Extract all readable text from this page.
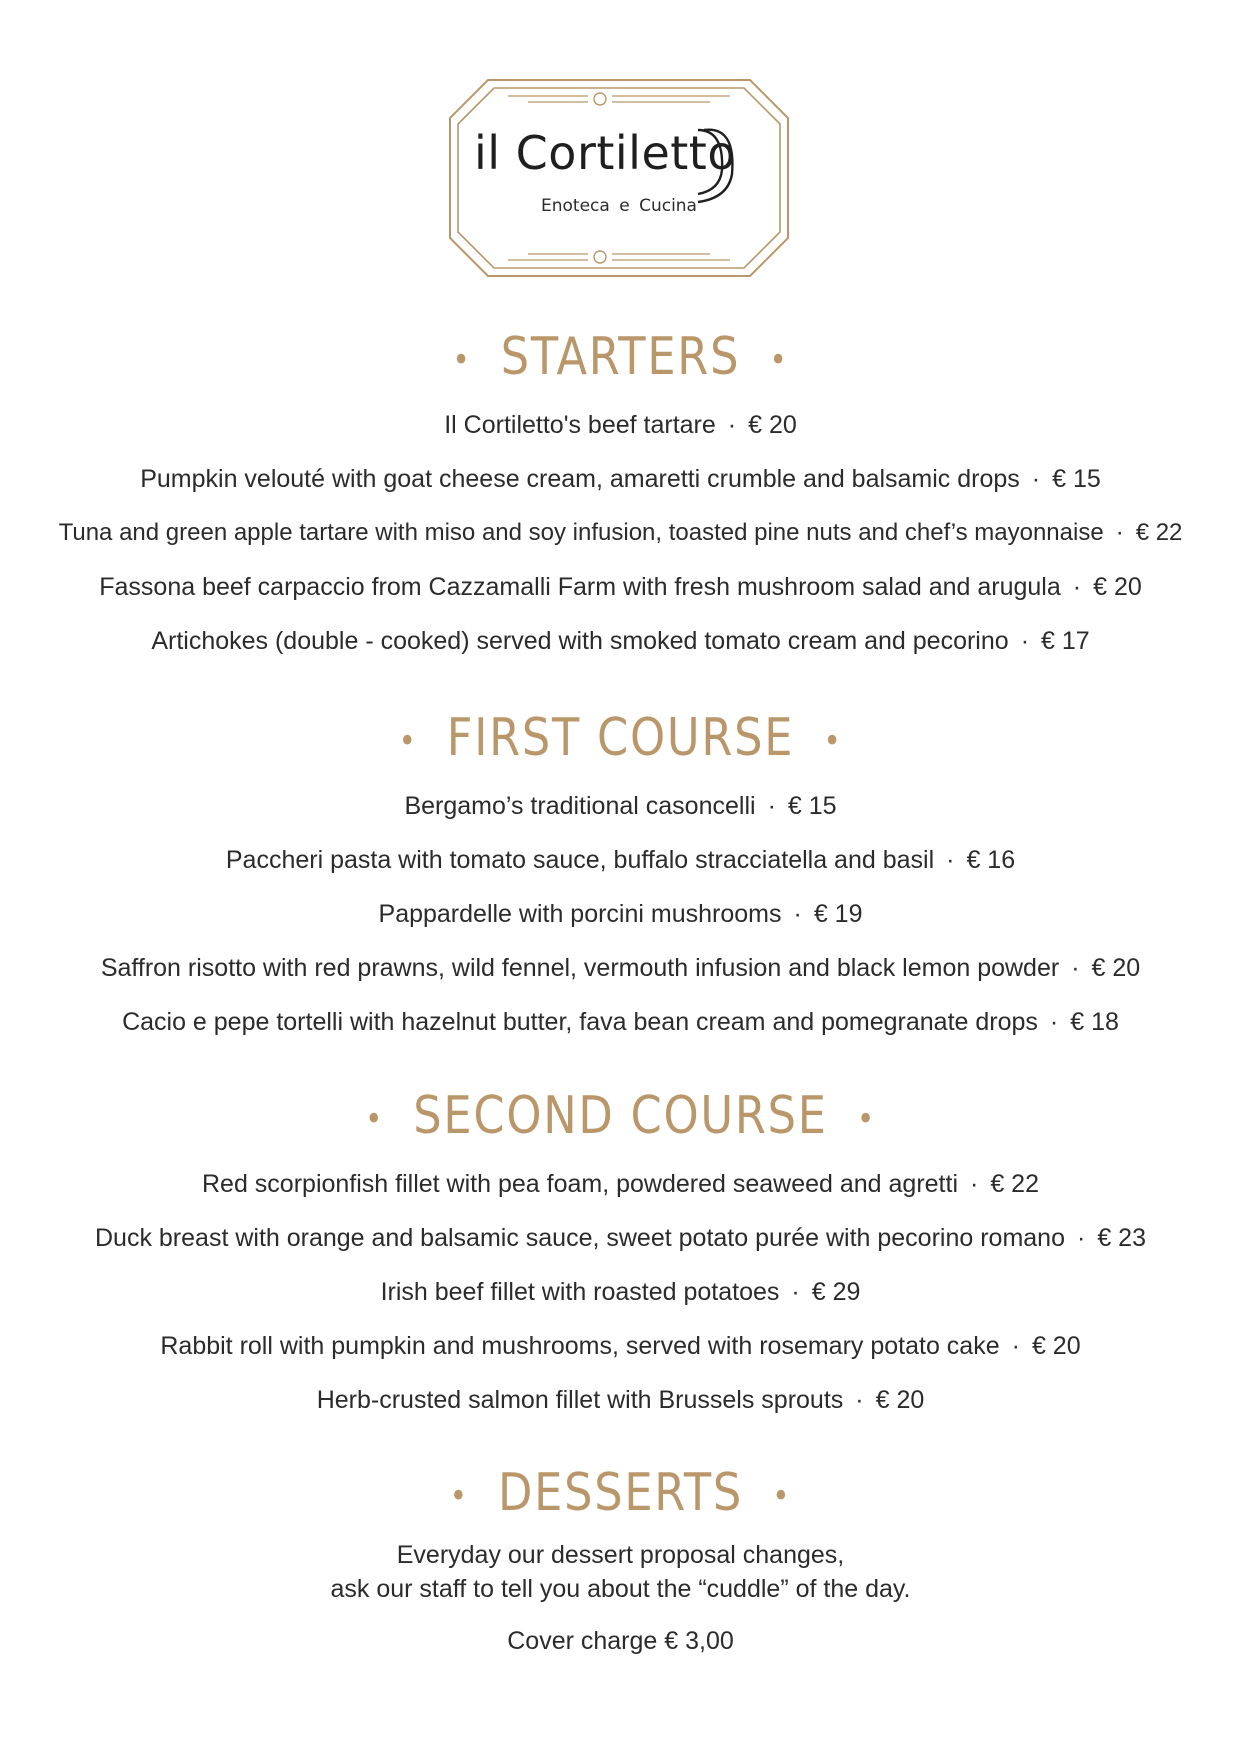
il Cortiletto
Enoteca e Cucina
• STARTERS •
Il Cortiletto's beef tartare · € 20
Pumpkin velouté with goat cheese cream, amaretti crumble and balsamic drops · € 15
Tuna and green apple tartare with miso and soy infusion, toasted pine nuts and chef’s mayonnaise · € 22
Fassona beef carpaccio from Cazzamalli Farm with fresh mushroom salad and arugula · € 20
Artichokes (double - cooked) served with smoked tomato cream and pecorino · € 17
• FIRST COURSE •
Bergamo’s traditional casoncelli · € 15
Paccheri pasta with tomato sauce, buffalo stracciatella and basil · € 16
Pappardelle with porcini mushrooms · € 19
Saffron risotto with red prawns, wild fennel, vermouth infusion and black lemon powder · € 20
Cacio e pepe tortelli with hazelnut butter, fava bean cream and pomegranate drops · € 18
• SECOND COURSE •
Red scorpionfish fillet with pea foam, powdered seaweed and agretti · € 22
Duck breast with orange and balsamic sauce, sweet potato purée with pecorino romano · € 23
Irish beef fillet with roasted potatoes · € 29
Rabbit roll with pumpkin and mushrooms, served with rosemary potato cake · € 20
Herb-crusted salmon fillet with Brussels sprouts · € 20
• DESSERTS •
Everyday our dessert proposal changes,
ask our staff to tell you about the “cuddle” of the day.
Cover charge € 3,00
